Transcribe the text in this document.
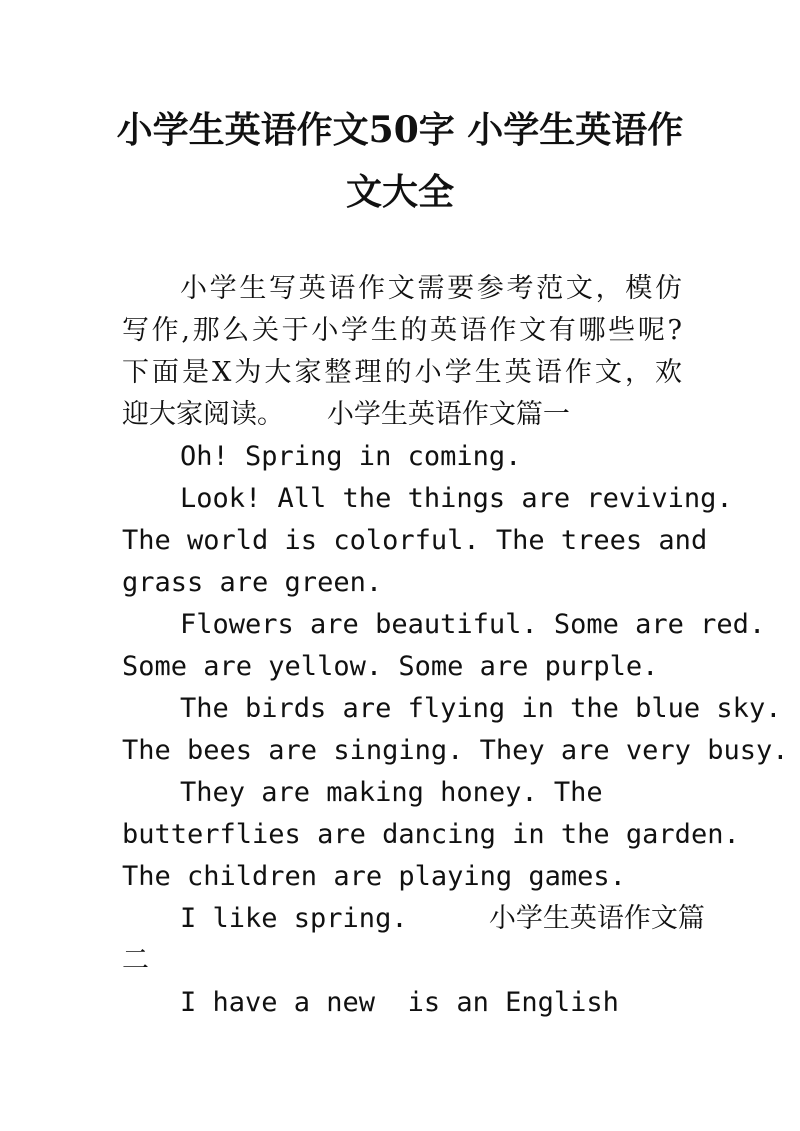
小学生英语作文50字 小学生英语作
文大全
小学生写英语作文需要参考范文，模仿
写作,那么关于小学生的英语作文有哪些呢?
下面是X为大家整理的小学生英语作文，欢
迎大家阅读。     小学生英语作文篇一
Oh! Spring in coming.
Look! All the things are reviving.
The world is colorful. The trees and
grass are green.
Flowers are beautiful. Some are red.
Some are yellow. Some are purple.
The birds are flying in the blue sky.
The bees are singing. They are very busy.
They are making honey. The
butterflies are dancing in the garden.
The children are playing games.
I like spring.     小学生英语作文篇
二
I have a new  is an English
